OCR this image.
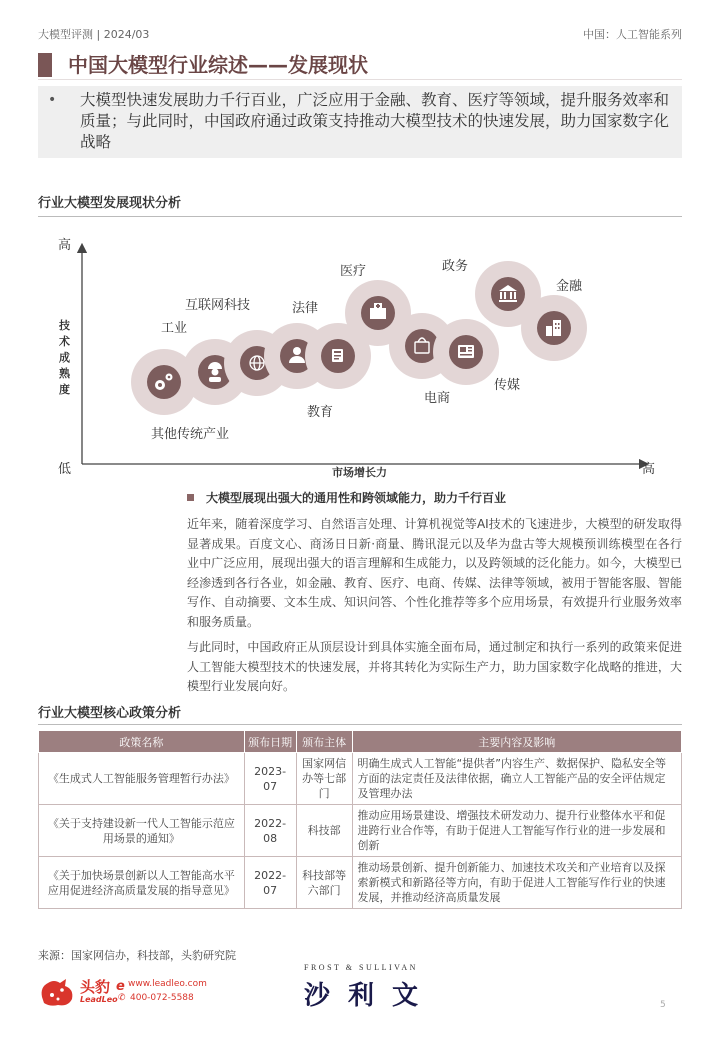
大模型评测 | 2024/03	中国：人工智能系列
中国大模型行业综述——发展现状
• 大模型快速发展助力千行百业，广泛应用于金融、教育、医疗等领域，提升服务效率和质量；与此同时，中国政府通过政策支持推动大模型技术的快速发展，助力国家数字化战略
行业大模型发展现状分析
高
低	高
技术成熟度
市场增长力
其他传统产业
工业
互联网科技
教育
法律
医疗
电商
传媒
政务
金融
大模型展现出强大的通用性和跨领域能力，助力千行百业
近年来，随着深度学习、自然语言处理、计算机视觉等AI技术的飞速进步，大模型的研发取得显著成果。百度文心、商汤日日新·商量、腾讯混元以及华为盘古等大规模预训练模型在各行业中广泛应用，展现出强大的语言理解和生成能力，以及跨领域的泛化能力。如今，大模型已经渗透到各行各业，如金融、教育、医疗、电商、传媒、法律等领域，被用于智能客服、智能写作、自动摘要、文本生成、知识问答、个性化推荐等多个应用场景，有效提升行业服务效率和服务质量。
与此同时，中国政府正从顶层设计到具体实施全面布局，通过制定和执行一系列的政策来促进人工智能大模型技术的快速发展，并将其转化为实际生产力，助力国家数字化战略的推进，大模型行业发展向好。
行业大模型核心政策分析
政策名称	颁布日期	颁布主体	主要内容及影响
《生成式人工智能服务管理暂行办法》	2023-07	国家网信办等七部门	明确生成式人工智能“提供者”内容生产、数据保护、隐私安全等方面的法定责任及法律依据，确立人工智能产品的安全评估规定及管理办法
《关于支持建设新一代人工智能示范应用场景的通知》	2022-08	科技部	推动应用场景建设、增强技术研发动力、提升行业整体水平和促进跨行业合作等，有助于促进人工智能写作行业的进一步发展和创新
《关于加快场景创新以人工智能高水平应用促进经济高质量发展的指导意见》	2022-07	科技部等六部门	推动场景创新、提升创新能力、加速技术攻关和产业培育以及探索新模式和新路径等方向，有助于促进人工智能写作行业的快速发展，并推动经济高质量发展
来源：国家网信办，科技部，头豹研究院
头豹
LeadLeo
e www.leadleo.com
✆ 400-072-5588
FROST & SULLIVAN
沙利文	5
